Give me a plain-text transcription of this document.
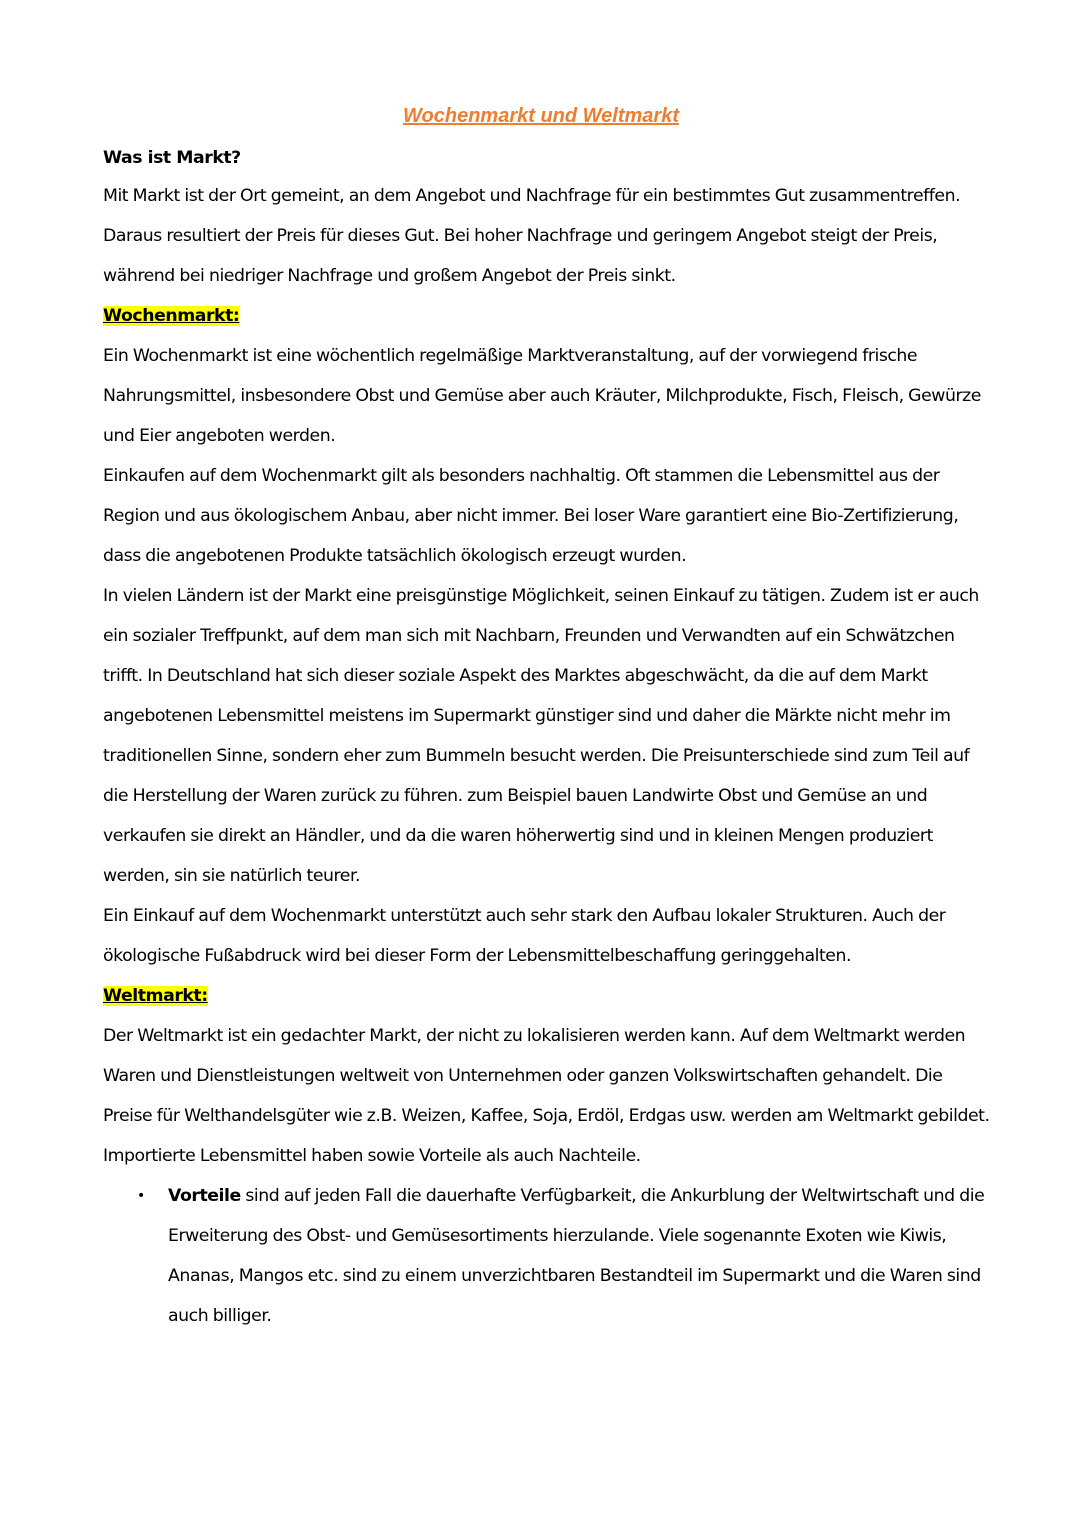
Wochenmarkt und Weltmarkt

Was ist Markt?

Mit Markt ist der Ort gemeint, an dem Angebot und Nachfrage für ein bestimmtes Gut zusammentreffen. Daraus resultiert der Preis für dieses Gut. Bei hoher Nachfrage und geringem Angebot steigt der Preis, während bei niedriger Nachfrage und großem Angebot der Preis sinkt.

Wochenmarkt:

Ein Wochenmarkt ist eine wöchentlich regelmäßige Marktveranstaltung, auf der vorwiegend frische Nahrungsmittel, insbesondere Obst und Gemüse aber auch Kräuter, Milchprodukte, Fisch, Fleisch, Gewürze und Eier angeboten werden.

Einkaufen auf dem Wochenmarkt gilt als besonders nachhaltig. Oft stammen die Lebensmittel aus der Region und aus ökologischem Anbau, aber nicht immer. Bei loser Ware garantiert eine Bio-Zertifizierung, dass die angebotenen Produkte tatsächlich ökologisch erzeugt wurden.

In vielen Ländern ist der Markt eine preisgünstige Möglichkeit, seinen Einkauf zu tätigen. Zudem ist er auch ein sozialer Treffpunkt, auf dem man sich mit Nachbarn, Freunden und Verwandten auf ein Schwätzchen trifft. In Deutschland hat sich dieser soziale Aspekt des Marktes abgeschwächt, da die auf dem Markt angebotenen Lebensmittel meistens im Supermarkt günstiger sind und daher die Märkte nicht mehr im traditionellen Sinne, sondern eher zum Bummeln besucht werden. Die Preisunterschiede sind zum Teil auf die Herstellung der Waren zurück zu führen. zum Beispiel bauen Landwirte Obst und Gemüse an und verkaufen sie direkt an Händler, und da die waren höherwertig sind und in kleinen Mengen produziert werden, sin sie natürlich teurer.

Ein Einkauf auf dem Wochenmarkt unterstützt auch sehr stark den Aufbau lokaler Strukturen. Auch der ökologische Fußabdruck wird bei dieser Form der Lebensmittelbeschaffung geringgehalten.

Weltmarkt:

Der Weltmarkt ist ein gedachter Markt, der nicht zu lokalisieren werden kann. Auf dem Weltmarkt werden Waren und Dienstleistungen weltweit von Unternehmen oder ganzen Volkswirtschaften gehandelt. Die Preise für Welthandelsgüter wie z.B. Weizen, Kaffee, Soja, Erdöl, Erdgas usw. werden am Weltmarkt gebildet.

Importierte Lebensmittel haben sowie Vorteile als auch Nachteile.

• Vorteile sind auf jeden Fall die dauerhafte Verfügbarkeit, die Ankurblung der Weltwirtschaft und die Erweiterung des Obst- und Gemüsesortiments hierzulande. Viele sogenannte Exoten wie Kiwis, Ananas, Mangos etc. sind zu einem unverzichtbaren Bestandteil im Supermarkt und die Waren sind auch billiger.
